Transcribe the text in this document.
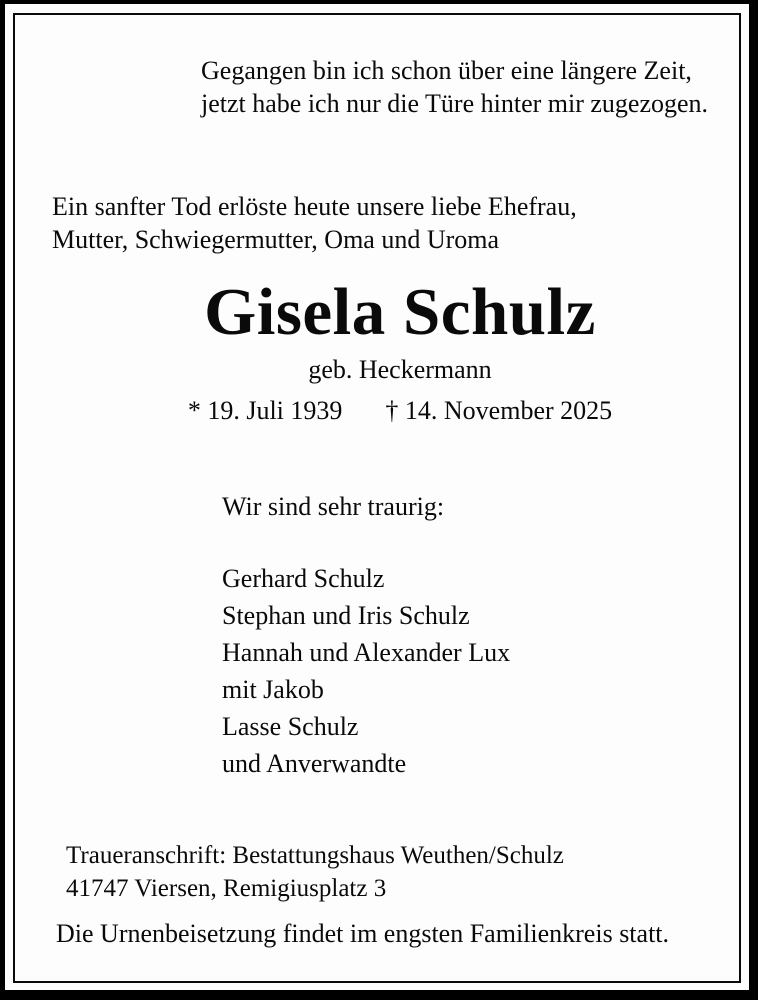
Gegangen bin ich schon über eine längere Zeit,
jetzt habe ich nur die Türe hinter mir zugezogen.
Ein sanfter Tod erlöste heute unsere liebe Ehefrau,
Mutter, Schwiegermutter, Oma und Uroma
Gisela Schulz
geb. Heckermann
* 19. Juli 1939 † 14. November 2025
Wir sind sehr traurig:
Gerhard Schulz
Stephan und Iris Schulz
Hannah und Alexander Lux
mit Jakob
Lasse Schulz
und Anverwandte
Traueranschrift: Bestattungshaus Weuthen/Schulz
41747 Viersen, Remigiusplatz 3
Die Urnenbeisetzung findet im engsten Familienkreis statt.
